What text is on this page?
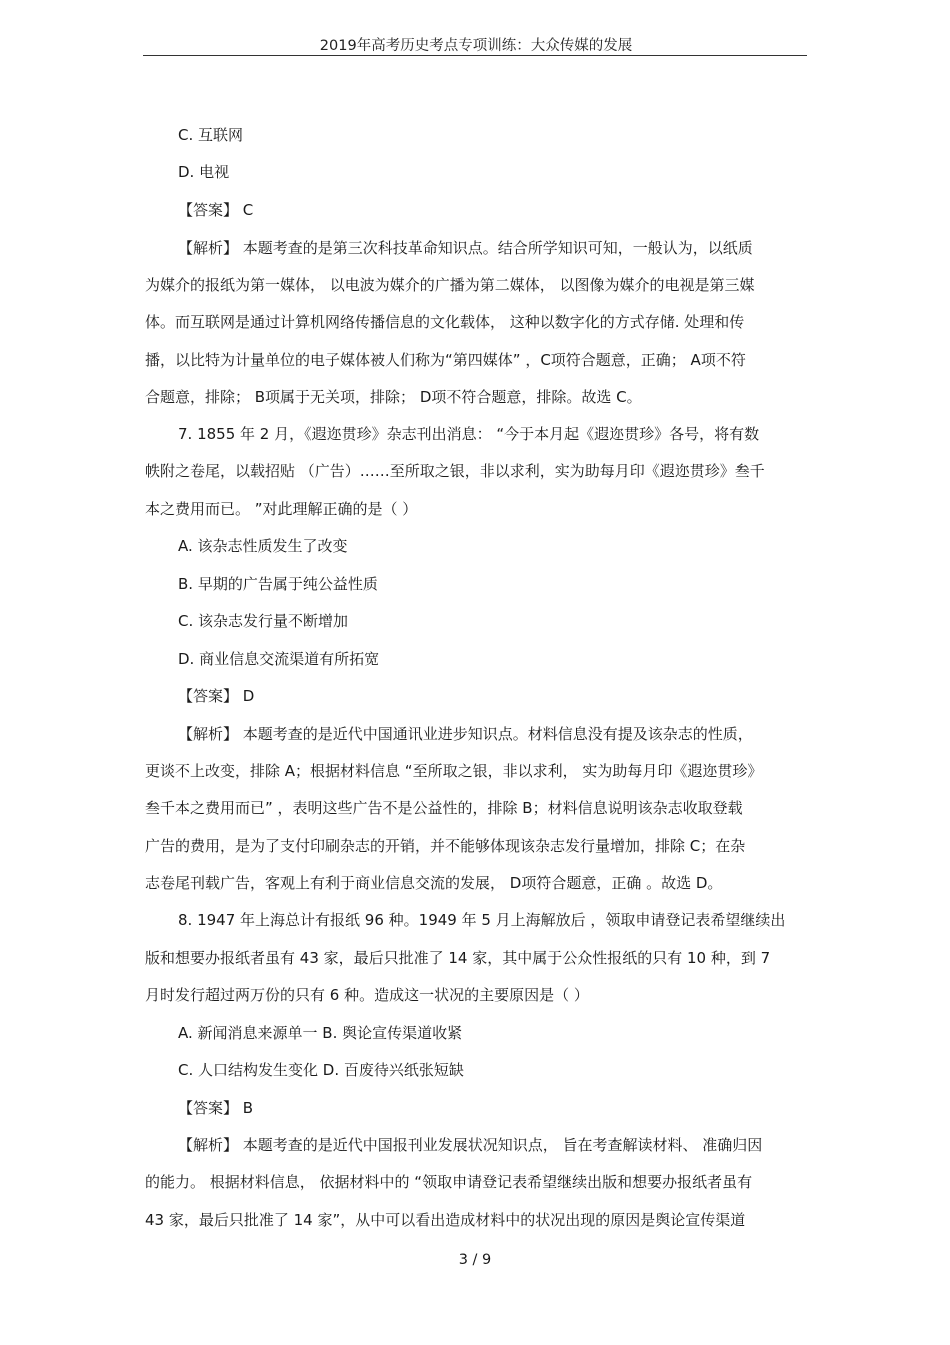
2019年高考历史考点专项训练：大众传媒的发展
C. 互联网
D. 电视
【答案】 C
【解析】 本题考查的是第三次科技革命知识点。结合所学知识可知，一般认为，以纸质
为媒介的报纸为第一媒体， 以电波为媒介的广播为第二媒体， 以图像为媒介的电视是第三媒
体。而互联网是通过计算机网络传播信息的文化载体， 这种以数字化的方式存储. 处理和传
播，以比特为计量单位的电子媒体被人们称为“第四媒体” ，C项符合题意，正确； A项不符
合题意，排除； B项属于无关项，排除； D项不符合题意，排除。故选 C。
7. 1855 年 2 月，《遐迩贯珍》杂志刊出消息： “今于本月起《遐迩贯珍》各号，将有数
帙附之卷尾，以载招贴 （广告）……至所取之银，非以求利，实为助每月印《遐迩贯珍》叁千
本之费用而已。 ”对此理解正确的是（ ）
A. 该杂志性质发生了改变
B. 早期的广告属于纯公益性质
C. 该杂志发行量不断增加
D. 商业信息交流渠道有所拓宽
【答案】 D
【解析】 本题考查的是近代中国通讯业进步知识点。材料信息没有提及该杂志的性质，
更谈不上改变，排除 A；根据材料信息 “至所取之银，非以求利， 实为助每月印《遐迩贯珍》
叁千本之费用而已” ，表明这些广告不是公益性的，排除 B；材料信息说明该杂志收取登载
广告的费用，是为了支付印刷杂志的开销，并不能够体现该杂志发行量增加，排除 C；在杂
志卷尾刊载广告，客观上有利于商业信息交流的发展， D项符合题意，正确 。故选 D。
8. 1947 年上海总计有报纸 96 种。1949 年 5 月上海解放后 ，领取申请登记表希望继续出
版和想要办报纸者虽有 43 家，最后只批准了 14 家，其中属于公众性报纸的只有 10 种，到 7
月时发行超过两万份的只有 6 种。造成这一状况的主要原因是（ ）
A. 新闻消息来源单一 B. 舆论宣传渠道收紧
C. 人口结构发生变化 D. 百废待兴纸张短缺
【答案】 B
【解析】 本题考查的是近代中国报刊业发展状况知识点， 旨在考查解读材料、 准确归因
的能力。 根据材料信息， 依据材料中的 “领取申请登记表希望继续出版和想要办报纸者虽有
43 家，最后只批准了 14 家”，从中可以看出造成材料中的状况出现的原因是舆论宣传渠道
3 / 9
